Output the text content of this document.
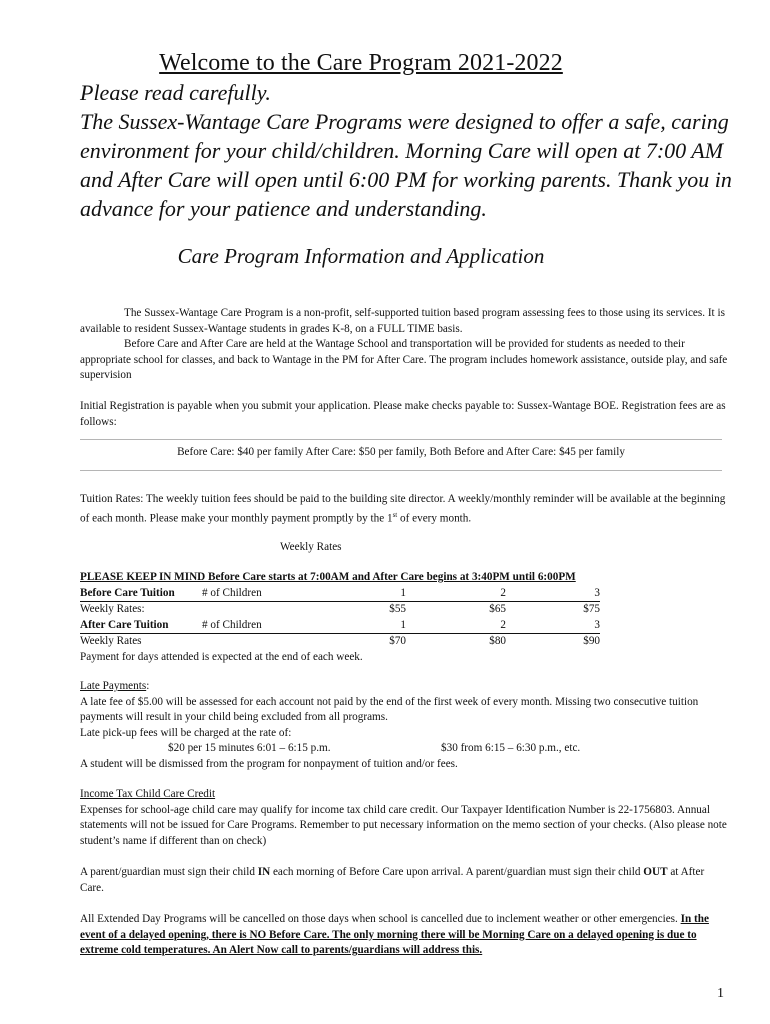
Welcome to the Care Program 2021-2022
Please read carefully.
The Sussex-Wantage Care Programs were designed to offer a safe, caring environment for your child/children. Morning Care will open at 7:00 AM and After Care will open until 6:00 PM for working parents. Thank you in advance for your patience and understanding.
Care Program Information and Application
The Sussex-Wantage Care Program is a non-profit, self-supported tuition based program assessing fees to those using its services. It is available to resident Sussex-Wantage students in grades K-8, on a FULL TIME basis.
Before Care and After Care are held at the Wantage School and transportation will be provided for students as needed to their appropriate school for classes, and back to Wantage in the PM for After Care. The program includes homework assistance, outside play, and safe supervision
Initial Registration is payable when you submit your application. Please make checks payable to: Sussex-Wantage BOE. Registration fees are as follows:
Before Care: $40 per family After Care: $50 per family, Both Before and After Care: $45 per family
Tuition Rates: The weekly tuition fees should be paid to the building site director. A weekly/monthly reminder will be available at the beginning of each month. Please make your monthly payment promptly by the 1st of every month.
Weekly Rates
PLEASE KEEP IN MIND Before Care starts at 7:00AM and After Care begins at 3:40PM until 6:00PM
Before Care Tuition	# of Children	1	2	3
Weekly Rates:		$55	$65	$75
After Care Tuition	# of Children	1	2	3
Weekly Rates		$70	$80	$90
Payment for days attended is expected at the end of each week.
Late Payments:
A late fee of $5.00 will be assessed for each account not paid by the end of the first week of every month. Missing two consecutive tuition payments will result in your child being excluded from all programs.
Late pick-up fees will be charged at the rate of:
$20 per 15 minutes 6:01 – 6:15 p.m.	$30 from 6:15 – 6:30 p.m., etc.
A student will be dismissed from the program for nonpayment of tuition and/or fees.
Income Tax Child Care Credit
Expenses for school-age child care may qualify for income tax child care credit. Our Taxpayer Identification Number is 22-1756803. Annual statements will not be issued for Care Programs. Remember to put necessary information on the memo section of your checks. (Also please note student’s name if different than on check)
A parent/guardian must sign their child IN each morning of Before Care upon arrival. A parent/guardian must sign their child OUT at After Care.
All Extended Day Programs will be cancelled on those days when school is cancelled due to inclement weather or other emergencies. In the event of a delayed opening, there is NO Before Care. The only morning there will be Morning Care on a delayed opening is due to extreme cold temperatures. An Alert Now call to parents/guardians will address this.
1
